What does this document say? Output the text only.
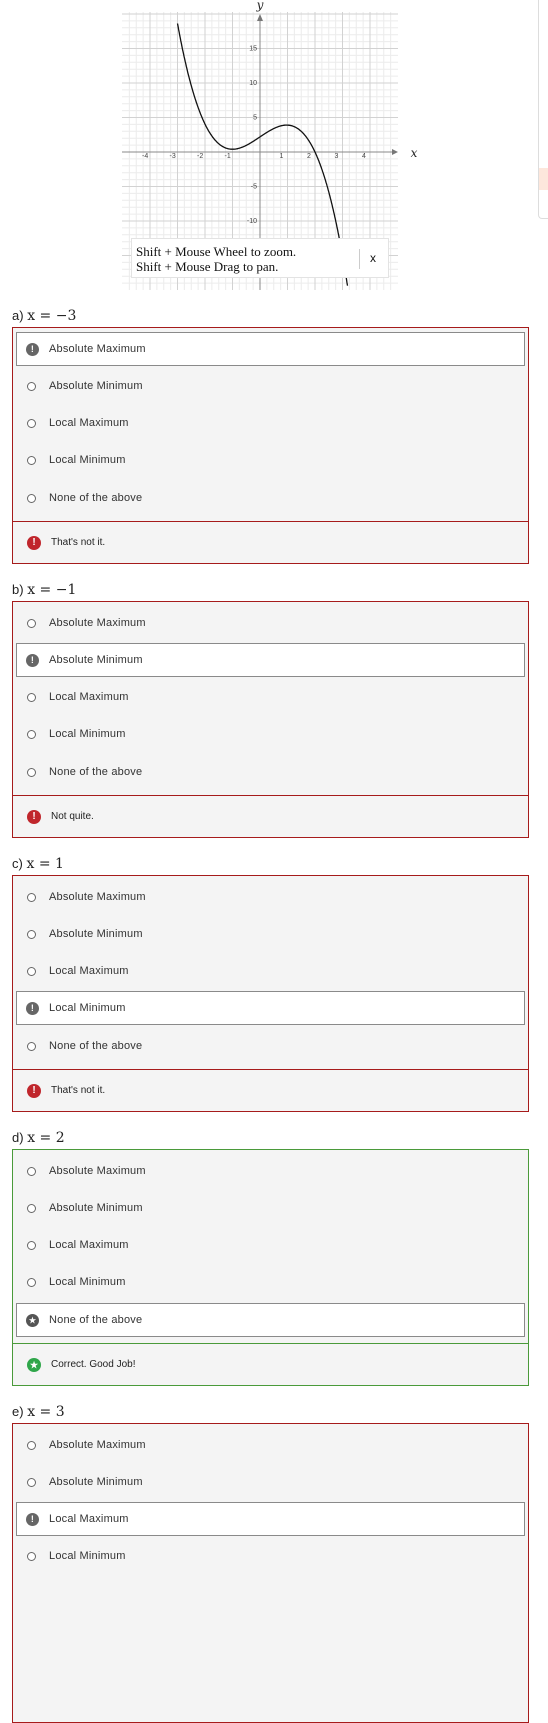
x
y
-4	-3	-2	-1	1	2	3	4
15
10
5
-5
-10
Shift + Mouse Wheel to zoom.
Shift + Mouse Drag to pan.
x
a) x = −3
!	Absolute Maximum
Absolute Minimum
Local Maximum
Local Minimum
None of the above
!	That's not it.
b) x = −1
Absolute Maximum
!	Absolute Minimum
Local Maximum
Local Minimum
None of the above
!	Not quite.
c) x = 1
Absolute Maximum
Absolute Minimum
Local Maximum
!	Local Minimum
None of the above
!	That's not it.
d) x = 2
Absolute Maximum
Absolute Minimum
Local Maximum
Local Minimum
★ None of the above
★ Correct. Good Job!
e) x = 3
Absolute Maximum
Absolute Minimum
!	Local Maximum
Local Minimum
